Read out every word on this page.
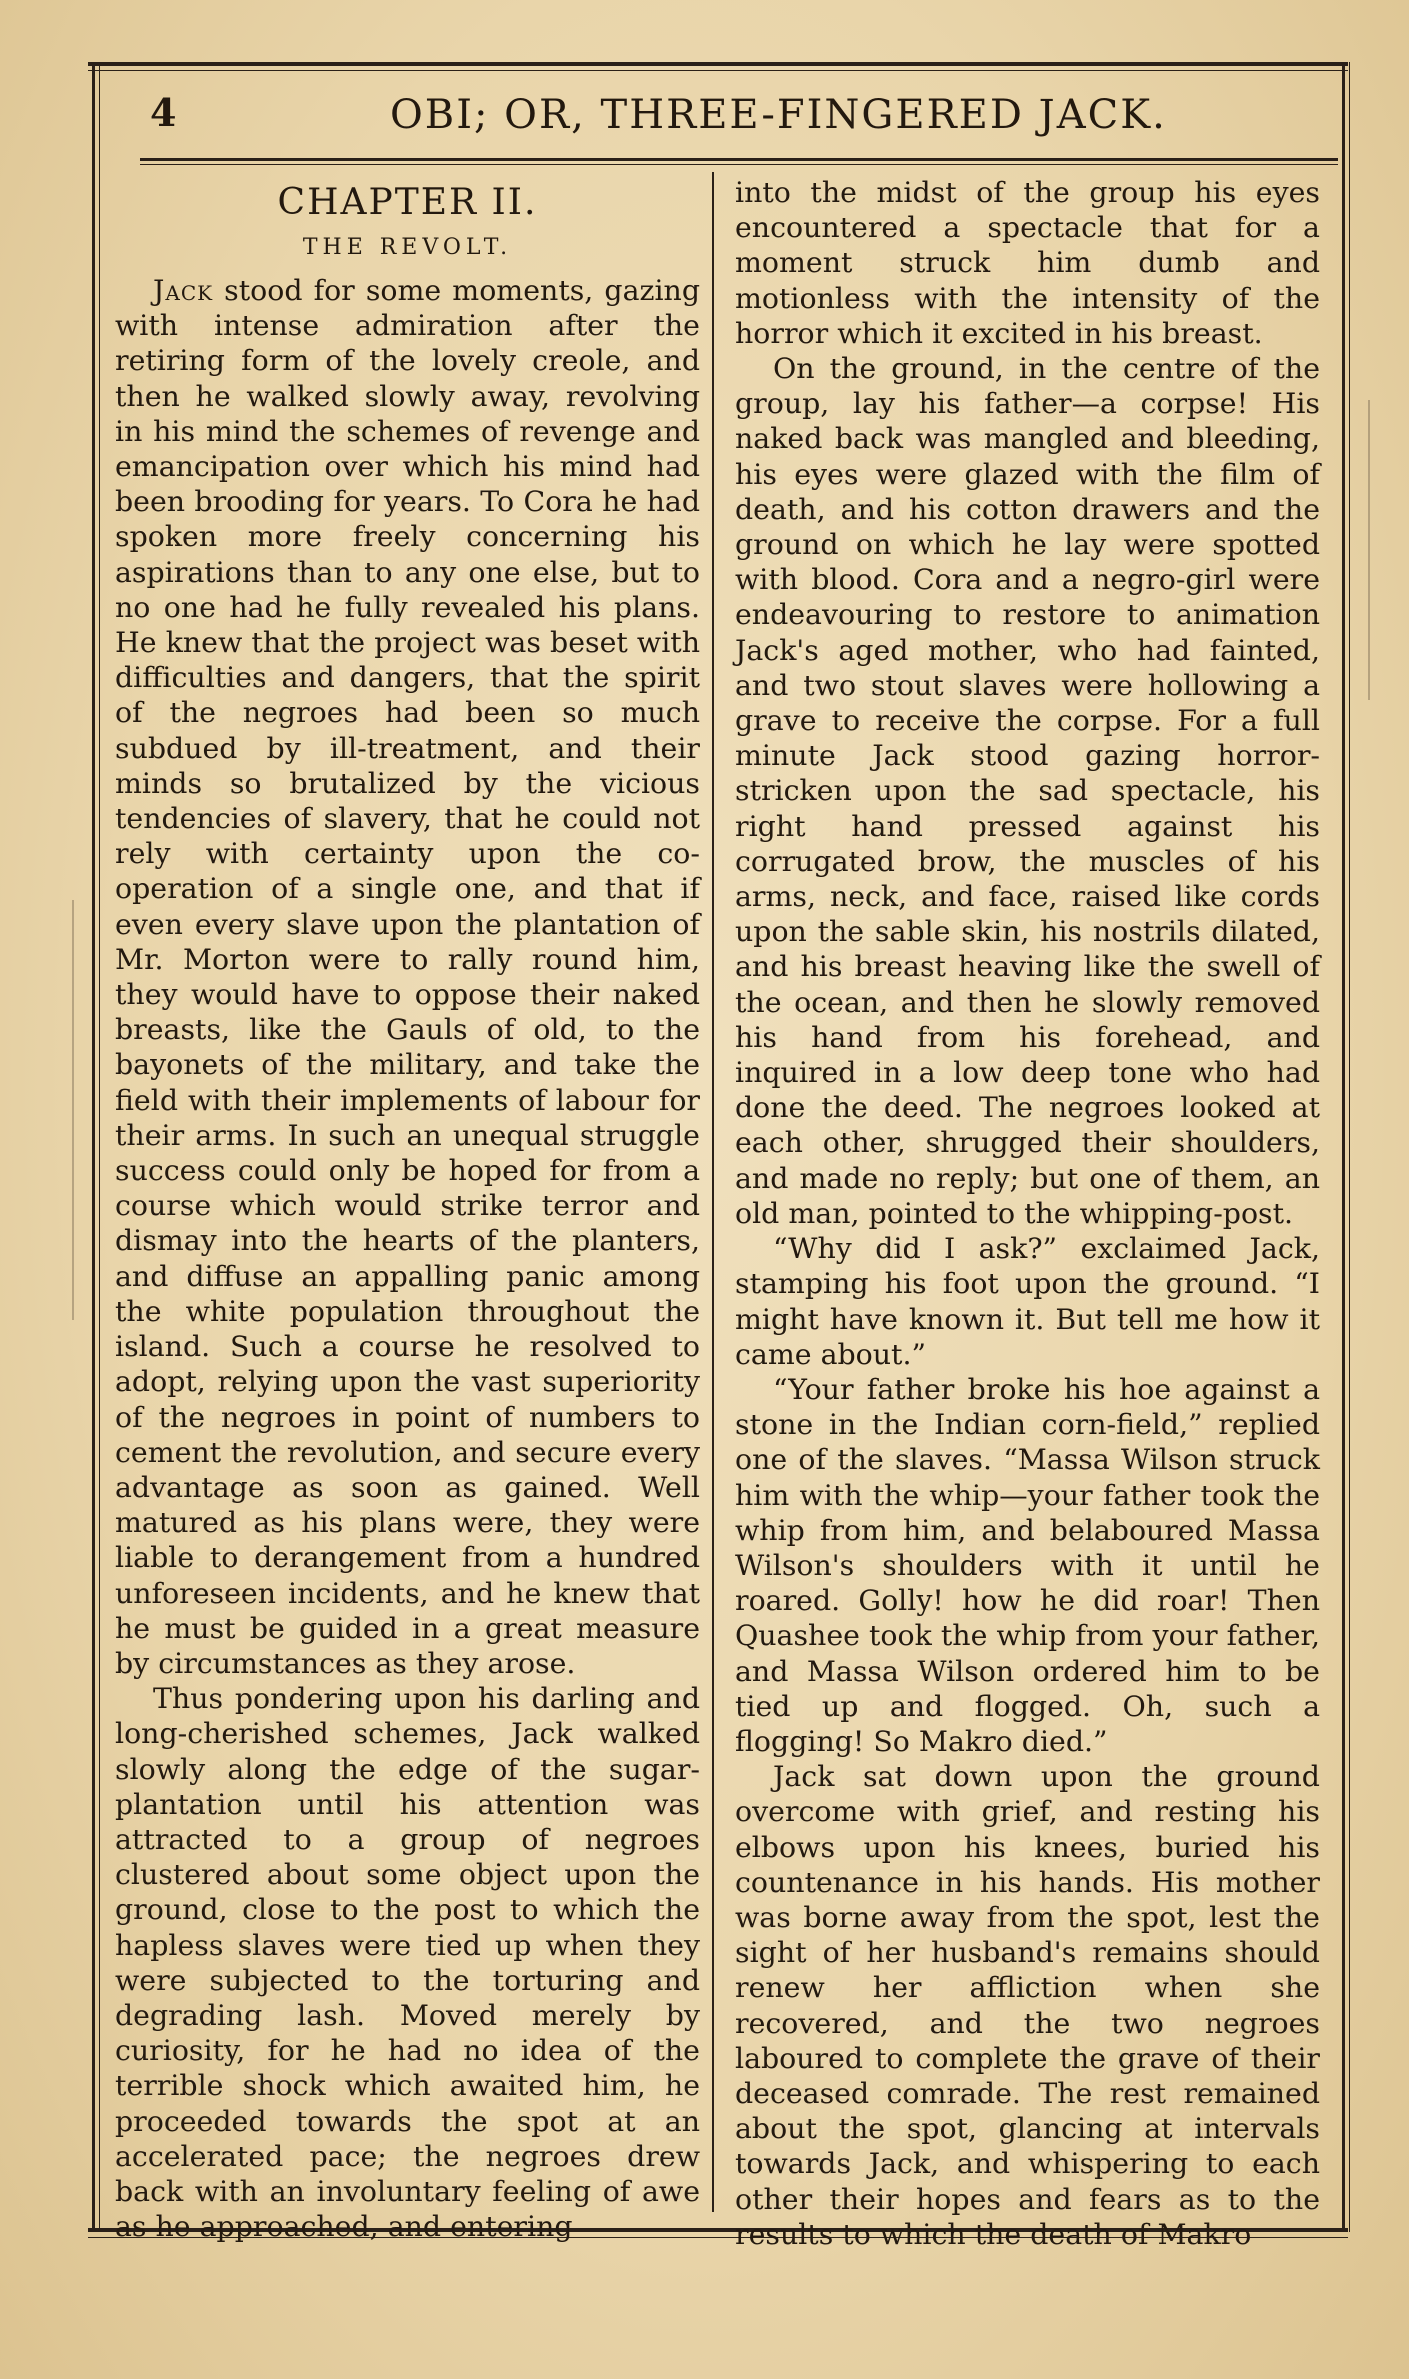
4	OBI; OR, THREE-FINGERED JACK.
CHAPTER II.
THE REVOLT.

Jack stood for some moments, gazing with intense admiration after the retiring form of the lovely creole, and then he walked slowly away, revolving in his mind the schemes of revenge and emancipation over which his mind had been brooding for years. To Cora he had spoken more freely concerning his aspirations than to any one else, but to no one had he fully revealed his plans. He knew that the project was beset with difficulties and dangers, that the spirit of the negroes had been so much subdued by ill-treatment, and their minds so brutalized by the vicious tendencies of slavery, that he could not rely with certainty upon the co-operation of a single one, and that if even every slave upon the plantation of Mr. Morton were to rally round him, they would have to oppose their naked breasts, like the Gauls of old, to the bayonets of the military, and take the field with their implements of labour for their arms. In such an unequal struggle success could only be hoped for from a course which would strike terror and dismay into the hearts of the planters, and diffuse an appalling panic among the white population throughout the island. Such a course he resolved to adopt, relying upon the vast superiority of the negroes in point of numbers to cement the revolution, and secure every advantage as soon as gained. Well matured as his plans were, they were liable to derangement from a hundred unforeseen incidents, and he knew that he must be guided in a great measure by circumstances as they arose.

Thus pondering upon his darling and long-cherished schemes, Jack walked slowly along the edge of the sugar-plantation until his attention was attracted to a group of negroes clustered about some object upon the ground, close to the post to which the hapless slaves were tied up when they were subjected to the torturing and degrading lash. Moved merely by curiosity, for he had no idea of the terrible shock which awaited him, he proceeded towards the spot at an accelerated pace; the negroes drew back with an involuntary feeling of awe as he approached, and entering

into the midst of the group his eyes encountered a spectacle that for a moment struck him dumb and motionless with the intensity of the horror which it excited in his breast.

On the ground, in the centre of the group, lay his father—a corpse! His naked back was mangled and bleeding, his eyes were glazed with the film of death, and his cotton drawers and the ground on which he lay were spotted with blood. Cora and a negro-girl were endeavouring to restore to animation Jack's aged mother, who had fainted, and two stout slaves were hollowing a grave to receive the corpse. For a full minute Jack stood gazing horror-stricken upon the sad spectacle, his right hand pressed against his corrugated brow, the muscles of his arms, neck, and face, raised like cords upon the sable skin, his nostrils dilated, and his breast heaving like the swell of the ocean, and then he slowly removed his hand from his forehead, and inquired in a low deep tone who had done the deed. The negroes looked at each other, shrugged their shoulders, and made no reply; but one of them, an old man, pointed to the whipping-post.

“Why did I ask?” exclaimed Jack, stamping his foot upon the ground. “I might have known it. But tell me how it came about.”

“Your father broke his hoe against a stone in the Indian corn-field,” replied one of the slaves. “Massa Wilson struck him with the whip—your father took the whip from him, and belaboured Massa Wilson's shoulders with it until he roared. Golly! how he did roar! Then Quashee took the whip from your father, and Massa Wilson ordered him to be tied up and flogged. Oh, such a flogging! So Makro died.”

Jack sat down upon the ground overcome with grief, and resting his elbows upon his knees, buried his countenance in his hands. His mother was borne away from the spot, lest the sight of her husband's remains should renew her affliction when she recovered, and the two negroes laboured to complete the grave of their deceased comrade. The rest remained about the spot, glancing at intervals towards Jack, and whispering to each other their hopes and fears as to the results to which the death of Makro
